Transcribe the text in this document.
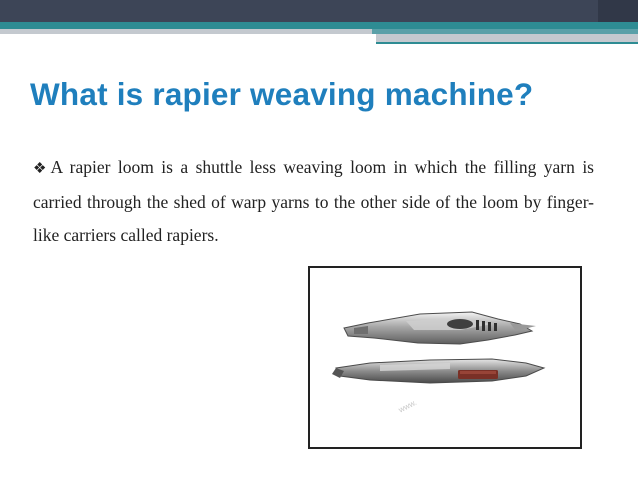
What is rapier weaving machine?

❖A rapier loom is a shuttle less weaving loom in which the filling yarn is carried through the shed of warp yarns to the other side of the loom by finger-like carriers called rapiers.

www.
